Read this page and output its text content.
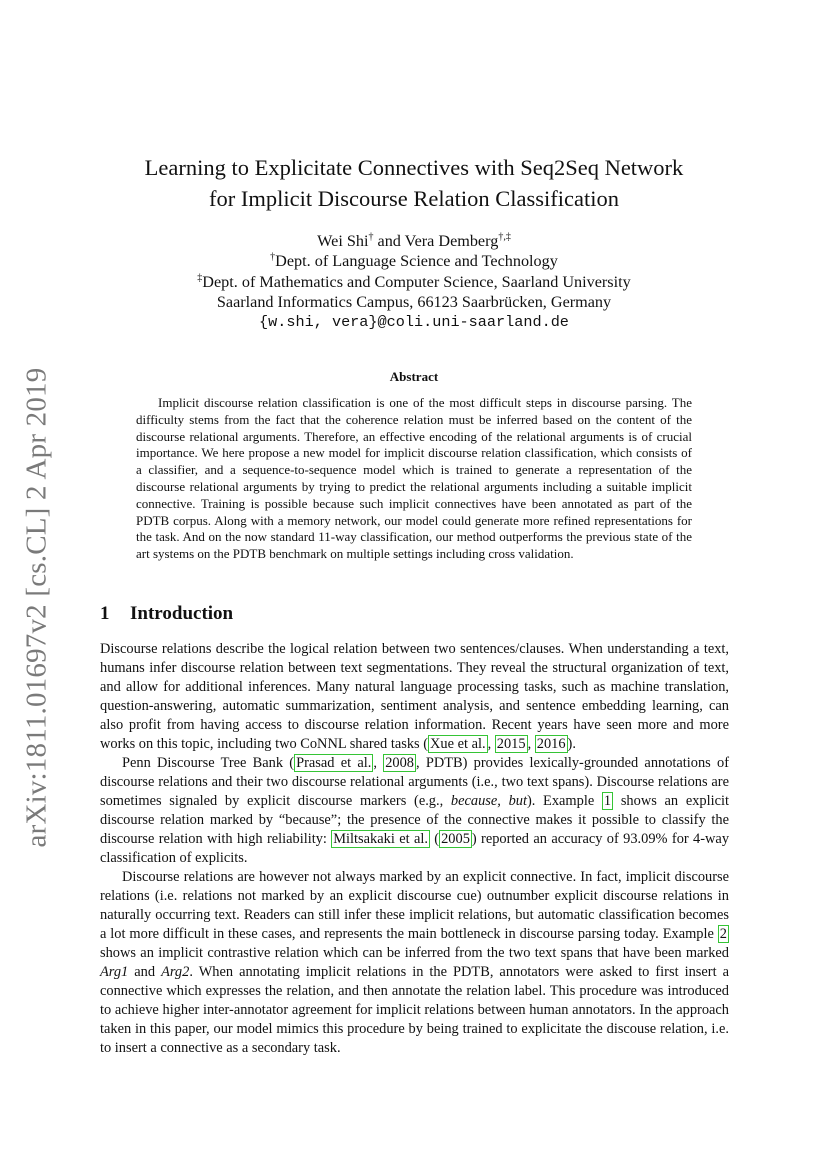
arXiv:1811.01697v2 [cs.CL] 2 Apr 2019
Learning to Explicitate Connectives with Seq2Seq Network
for Implicit Discourse Relation Classification
Wei Shi† and Vera Demberg†,‡
†Dept. of Language Science and Technology
‡Dept. of Mathematics and Computer Science, Saarland University
Saarland Informatics Campus, 66123 Saarbrücken, Germany
{w.shi, vera}@coli.uni-saarland.de
Abstract

Implicit discourse relation classification is one of the most difficult steps in discourse parsing. The difficulty stems from the fact that the coherence relation must be inferred based on the content of the discourse relational arguments. Therefore, an effective encoding of the relational arguments is of crucial importance. We here propose a new model for implicit discourse relation classification, which consists of a classifier, and a sequence-to-sequence model which is trained to generate a representation of the discourse relational arguments by trying to predict the relational arguments including a suitable implicit connective. Training is possible because such implicit connectives have been annotated as part of the PDTB corpus. Along with a memory network, our model could generate more refined representations for the task. And on the now standard 11-way classification, our method outperforms the previous state of the art systems on the PDTB benchmark on multiple settings including cross validation.

1 Introduction

Discourse relations describe the logical relation between two sentences/clauses. When understanding a text, humans infer discourse relation between text segmentations. They reveal the structural organization of text, and allow for additional inferences. Many natural language processing tasks, such as machine translation, question-answering, automatic summarization, sentiment analysis, and sentence embedding learning, can also profit from having access to discourse relation information. Recent years have seen more and more works on this topic, including two CoNNL shared tasks ( Xue et al. , 2015 , 2016 ).

Penn Discourse Tree Bank ( Prasad et al. , 2008 , PDTB) provides lexically-grounded annotations of discourse relations and their two discourse relational arguments (i.e., two text spans). Discourse relations are sometimes signaled by explicit discourse markers (e.g., because, but). Example 1 shows an explicit discourse relation marked by “because”; the presence of the connective makes it possible to classify the discourse relation with high reliability: Miltsakaki et al. ( 2005 ) reported an accuracy of 93.09% for 4-way classification of explicits.

Discourse relations are however not always marked by an explicit connective. In fact, implicit discourse relations (i.e. relations not marked by an explicit discourse cue) outnumber explicit discourse relations in naturally occurring text. Readers can still infer these implicit relations, but automatic classification becomes a lot more difficult in these cases, and represents the main bottleneck in discourse parsing today. Example 2 shows an implicit contrastive relation which can be inferred from the two text spans that have been marked Arg1 and Arg2. When annotating implicit relations in the PDTB, annotators were asked to first insert a connective which expresses the relation, and then annotate the relation label. This procedure was introduced to achieve higher inter-annotator agreement for implicit relations between human annotators. In the approach taken in this paper, our model mimics this procedure by being trained to explicitate the discouse relation, i.e. to insert a connective as a secondary task.
